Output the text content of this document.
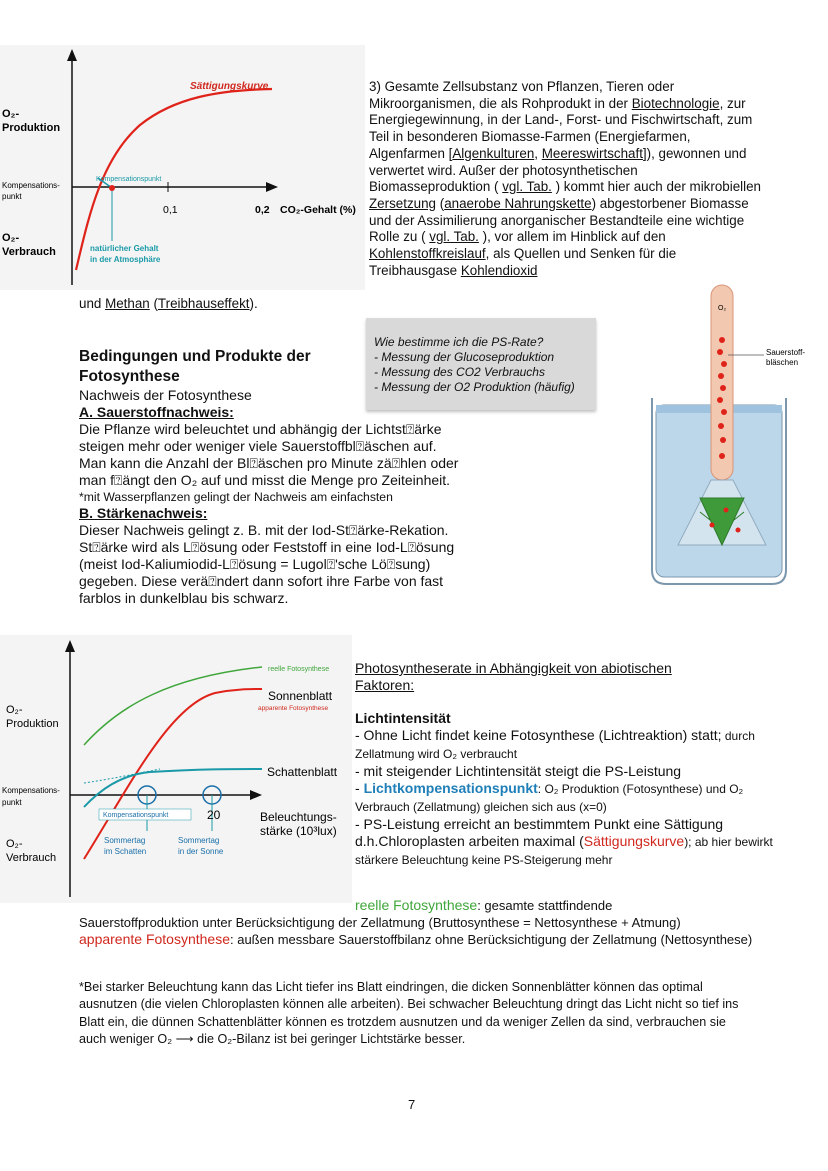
Sättigungskurve
O₂-
Produktion
Kompensations-
punkt
O₂-
Verbrauch
Kompensationspunkt
0,1	0,2 CO₂-Gehalt (%)
natürlicher Gehalt
in der Atmosphäre
3) Gesamte Zellsubstanz von Pflanzen, Tieren oder Mikroorganismen, die als Rohprodukt in der Biotechnologie, zur Energiegewinnung, in der Land-, Forst- und Fischwirtschaft, zum Teil in besonderen Biomasse-Farmen (Energiefarmen, Algenfarmen [Algenkulturen, Meereswirtschaft]), gewonnen und verwertet wird. Außer der photosynthetischen Biomasseproduktion ( vgl. Tab. ) kommt hier auch der mikrobiellen Zersetzung (anaerobe Nahrungskette) abgestorbener Biomasse und der Assimilierung anorganischer Bestandteile eine wichtige Rolle zu ( vgl. Tab. ), vor allem im Hinblick auf den Kohlenstoffkreislauf, als Quellen und Senken für die Treibhausgase Kohlendioxid
und Methan (Treibhauseffekt).
Wie bestimme ich die PS-Rate?
- Messung der Glucoseproduktion
- Messung des CO2 Verbrauchs
- Messung der O2 Produktion (häufig)
O₂
Sauerstoff-
bläschen
Bedingungen und Produkte der Fotosynthese
Nachweis der Fotosynthese
A. Sauerstoffnachweis:
Die Pflanze wird beleuchtet und abhängig der Lichtst⍰ärke
steigen mehr oder weniger viele Sauerstoffbl⍰äschen auf.
Man kann die Anzahl der Bl⍰äschen pro Minute zä⍰hlen oder
man f⍰ängt den O₂ auf und misst die Menge pro Zeiteinheit.
*mit Wasserpflanzen gelingt der Nachweis am einfachsten
B. Stärkenachweis:
Dieser Nachweis gelingt z. B. mit der Iod-St⍰ärke-Rekation.
St⍰ärke wird als L⍰ösung oder Feststoff in eine Iod-L⍰ösung
(meist Iod-Kaliumiodid-L⍰ösung = Lugol⍰'sche Lö⍰sung)
gegeben. Diese verä⍰ndert dann sofort ihre Farbe von fast
farblos in dunkelblau bis schwarz.
reelle Fotosynthese
Sonnenblatt
apparente Fotosynthese
Schattenblatt
O₂-
Produktion
Kompensations-
punkt
O₂-
Verbrauch
Kompensationspunkt	20	Beleuchtungs-
stärke (10³lux)
Sommertag
im Schatten
Sommertag
in der Sonne
Photosyntheserate in Abhängigkeit von abiotischen Faktoren:
Lichtintensität
- Ohne Licht findet keine Fotosynthese (Lichtreaktion) statt; durch Zellatmung wird O₂ verbraucht
- mit steigender Lichtintensität steigt die PS-Leistung
- Lichtkompensationspunkt: O₂ Produktion (Fotosynthese) und O₂ Verbrauch (Zellatmung) gleichen sich aus (x=0)
- PS-Leistung erreicht an bestimmtem Punkt eine Sättigung d.h.Chloroplasten arbeiten maximal (Sättigungskurve); ab hier bewirkt stärkere Beleuchtung keine PS-Steigerung mehr
reelle Fotosynthese: gesamte stattfindende
Sauerstoffproduktion unter Berücksichtigung der Zellatmung (Bruttosynthese = Nettosynthese + Atmung)
apparente Fotosynthese: außen messbare Sauerstoffbilanz ohne Berücksichtigung der Zellatmung (Nettosynthese)
*Bei starker Beleuchtung kann das Licht tiefer ins Blatt eindringen, die dicken Sonnenblätter können das optimal ausnutzen (die vielen Chloroplasten können alle arbeiten). Bei schwacher Beleuchtung dringt das Licht nicht so tief ins Blatt ein, die dünnen Schattenblätter können es trotzdem ausnutzen und da weniger Zellen da sind, verbrauchen sie auch weniger O₂ ⟶ die O₂-Bilanz ist bei geringer Lichtstärke besser.
7
